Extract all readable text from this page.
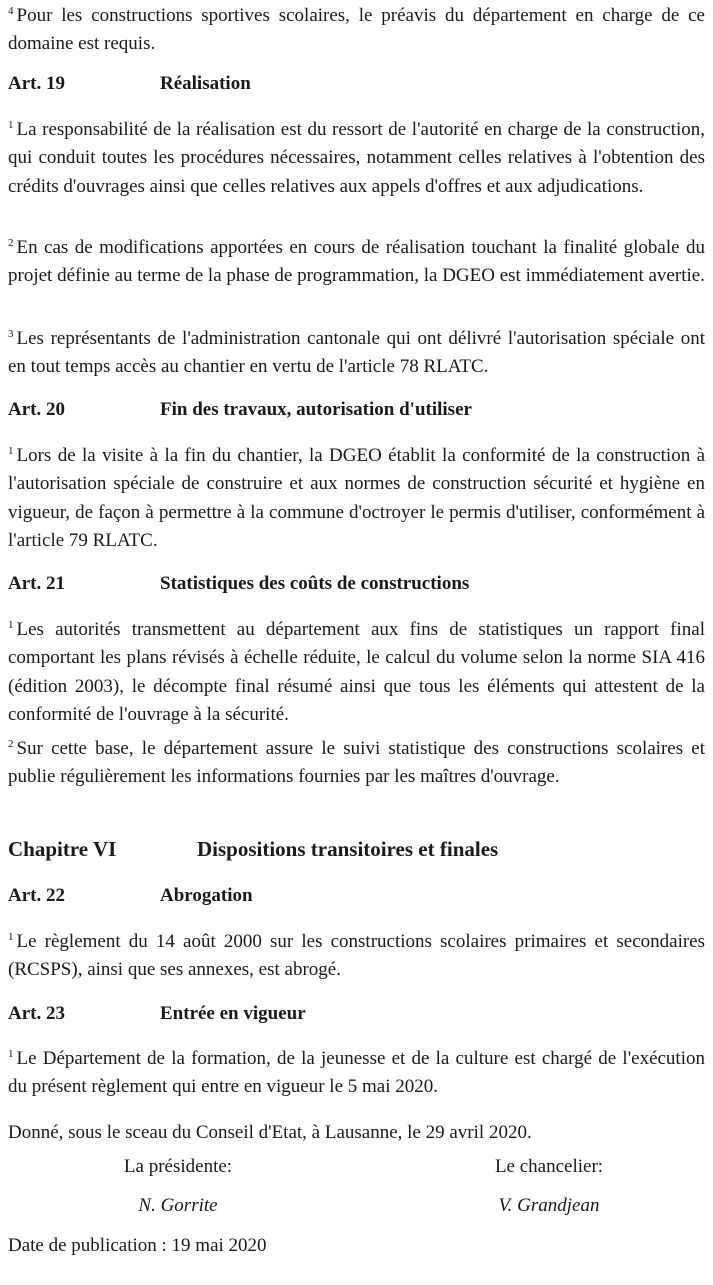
$^4$ Pour les constructions sportives scolaires, le préavis du département en charge de ce domaine est requis.

Art. 19	Réalisation

$^1$ La responsabilité de la réalisation est du ressort de l'autorité en charge de la construction, qui conduit toutes les procédures nécessaires, notamment celles relatives à l'obtention des crédits d'ouvrages ainsi que celles relatives aux appels d'offres et aux adjudications.

$^2$ En cas de modifications apportées en cours de réalisation touchant la finalité globale du projet définie au terme de la phase de programmation, la DGEO est immédiatement avertie.

$^3$ Les représentants de l'administration cantonale qui ont délivré l'autorisation spéciale ont en tout temps accès au chantier en vertu de l'article 78 RLATC.

Art. 20	Fin des travaux, autorisation d'utiliser

$^1$ Lors de la visite à la fin du chantier, la DGEO établit la conformité de la construction à l'autorisation spéciale de construire et aux normes de construction sécurité et hygiène en vigueur, de façon à permettre à la commune d'octroyer le permis d'utiliser, conformément à l'article 79 RLATC.

Art. 21	Statistiques des coûts de constructions

$^1$ Les autorités transmettent au département aux fins de statistiques un rapport final comportant les plans révisés à échelle réduite, le calcul du volume selon la norme SIA 416 (édition 2003), le décompte final résumé ainsi que tous les éléments qui attestent de la conformité de l'ouvrage à la sécurité.

$^2$ Sur cette base, le département assure le suivi statistique des constructions scolaires et publie régulièrement les informations fournies par les maîtres d'ouvrage.

Chapitre VI	Dispositions transitoires et finales
Art. 22	Abrogation

$^1$ Le règlement du 14 août 2000 sur les constructions scolaires primaires et secondaires (RCSPS), ainsi que ses annexes, est abrogé.

Art. 23	Entrée en vigueur

$^1$ Le Département de la formation, de la jeunesse et de la culture est chargé de l'exécution du présent règlement qui entre en vigueur le 5 mai 2020.

Donné, sous le sceau du Conseil d'Etat, à Lausanne, le 29 avril 2020.

La présidente:	Le chancelier:
N. Gorrite	V. Grandjean
Date de publication : 19 mai 2020
